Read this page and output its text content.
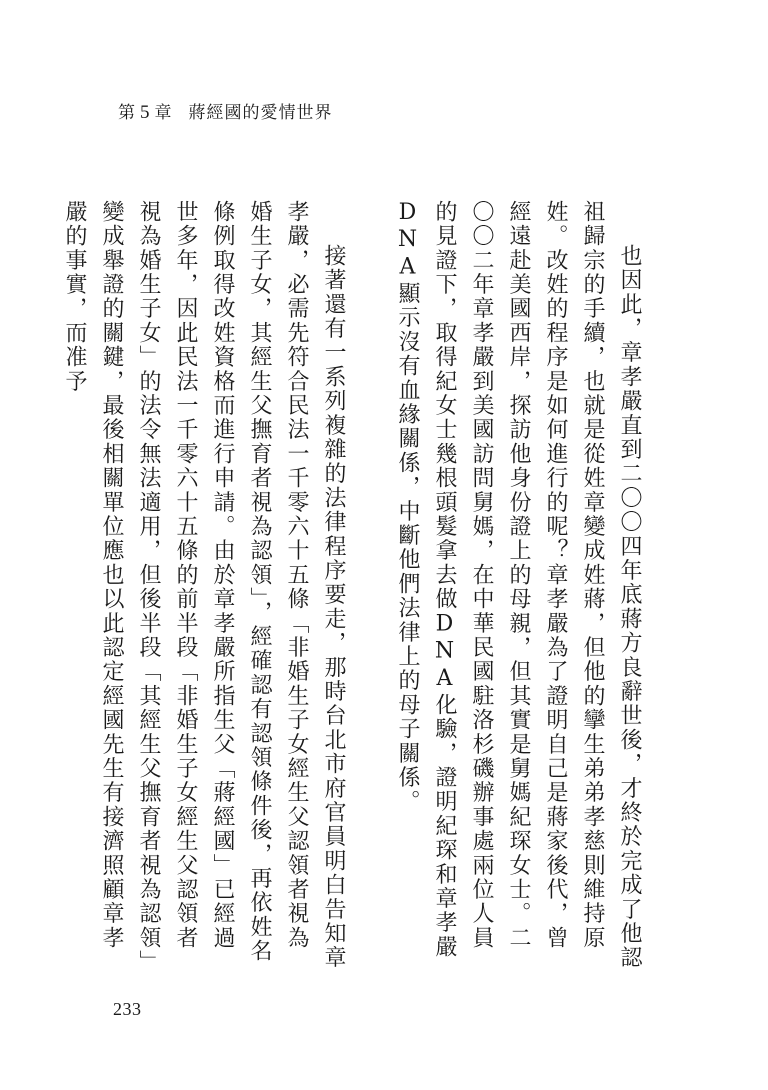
第 5 章 蔣經國的愛情世界

也因此，章孝嚴直到二〇〇四年底蔣方良辭世後，才終於完成了他認祖歸宗的手續，也就是從姓章變成姓蔣，但他的攣生弟弟孝慈則維持原姓。改姓的程序是如何進行的呢？章孝嚴為了證明自己是蔣家後代，曾經遠赴美國西岸，探訪他身份證上的母親，但其實是舅媽紀琛女士。二〇〇二年章孝嚴到美國訪問舅媽，在中華民國駐洛杉磯辦事處兩位人員的見證下，取得紀女士幾根頭髮拿去做DNA化驗，證明紀琛和章孝嚴DNA顯示沒有血緣關係，中斷他們法律上的母子關係。

接著還有一系列複雜的法律程序要走，那時台北市府官員明白告知章孝嚴，必需先符合民法一千零六十五條「非婚生子女經生父認領者視為婚生子女，其經生父撫育者視為認領」，經確認有認領條件後，再依姓名條例取得改姓資格而進行申請。由於章孝嚴所指生父「蔣經國」已經過世多年，因此民法一千零六十五條的前半段「非婚生子女經生父認領者視為婚生子女」的法令無法適用，但後半段「其經生父撫育者視為認領」變成舉證的關鍵，最後相關單位應也以此認定經國先生有接濟照顧章孝嚴的事實，而准予

233
